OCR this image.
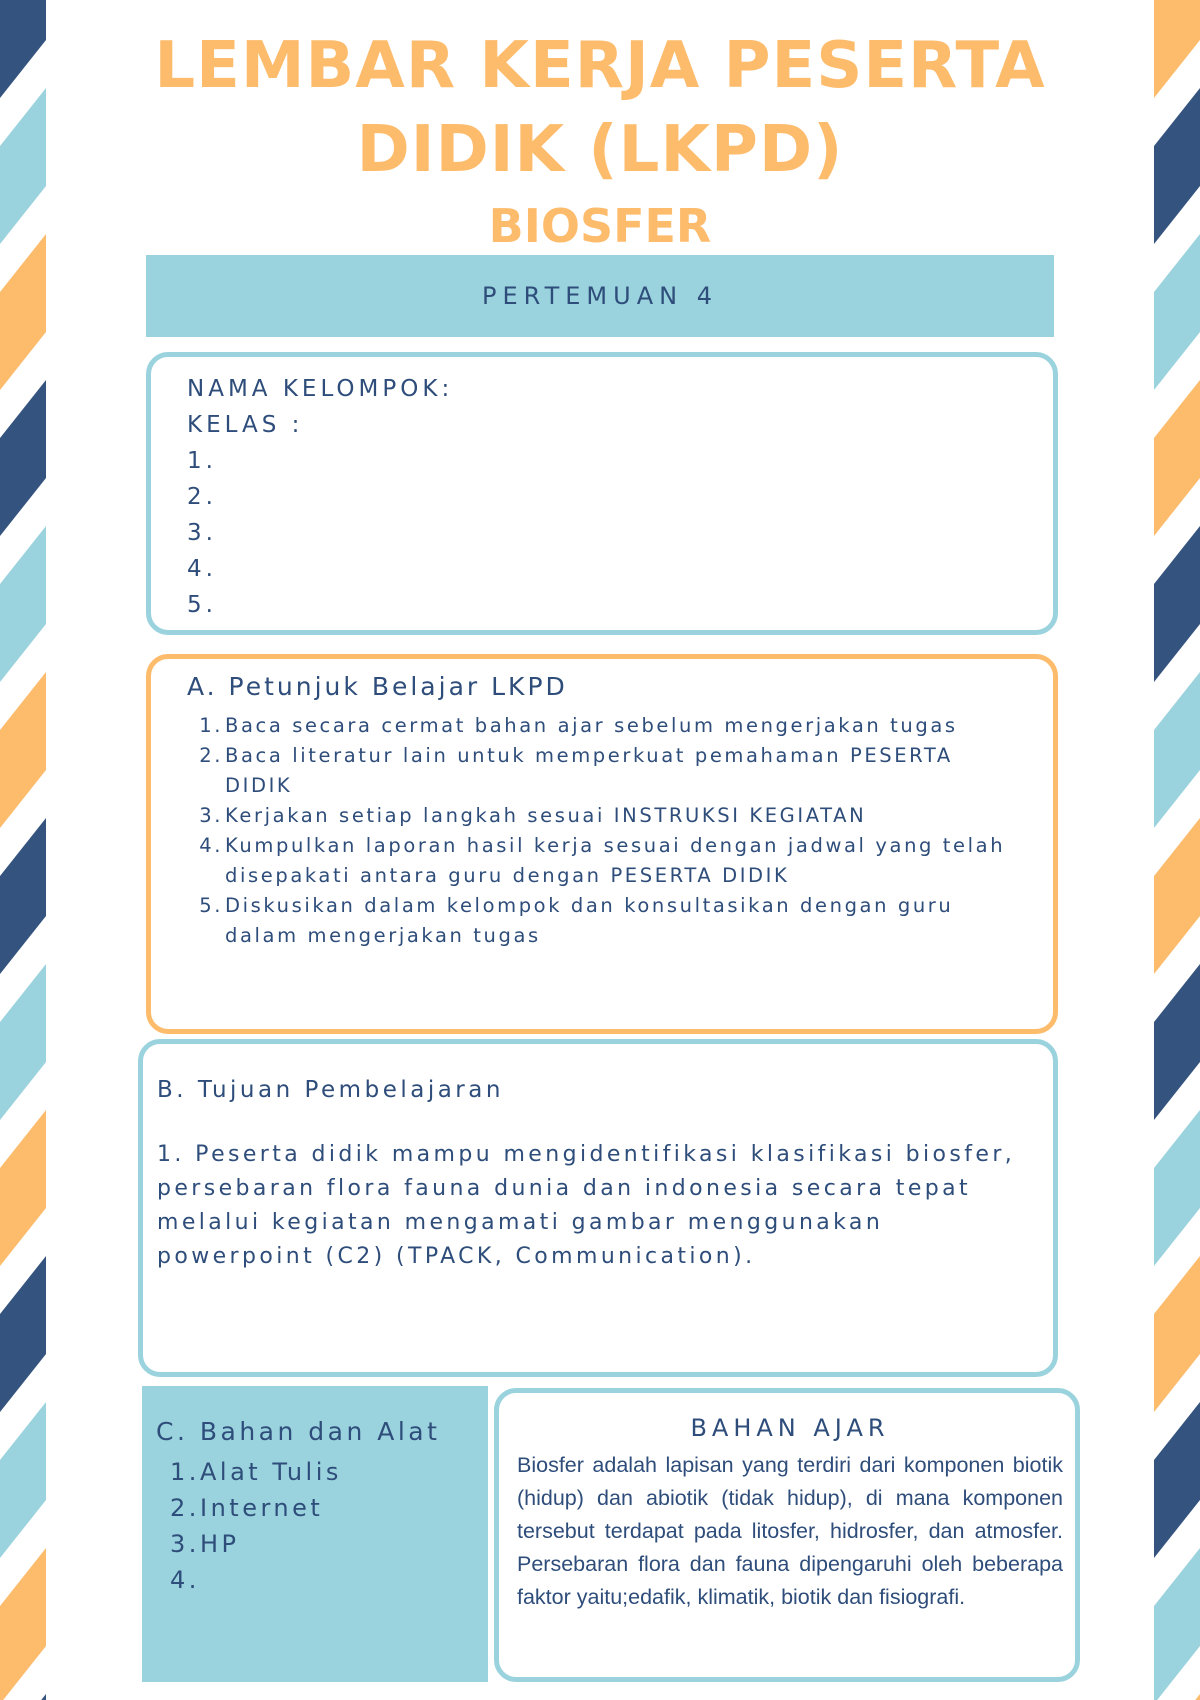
LEMBAR KERJA PESERTA
DIDIK (LKPD)
BIOSFER
PERTEMUAN 4
NAMA KELOMPOK:
KELAS :
1.
2.
3.
4.
5.
A. Petunjuk Belajar LKPD
1. Baca secara cermat bahan ajar sebelum mengerjakan tugas
2. Baca literatur lain untuk memperkuat pemahaman PESERTA DIDIK
3. Kerjakan setiap langkah sesuai INSTRUKSI KEGIATAN
4. Kumpulkan laporan hasil kerja sesuai dengan jadwal yang telah disepakati antara guru dengan PESERTA DIDIK
5. Diskusikan dalam kelompok dan konsultasikan dengan guru dalam mengerjakan tugas
B. Tujuan Pembelajaran

1. Peserta didik mampu mengidentifikasi klasifikasi biosfer, persebaran flora fauna dunia dan indonesia secara tepat melalui kegiatan mengamati gambar menggunakan powerpoint (C2) (TPACK, Communication).

C. Bahan dan Alat
1. Alat Tulis
2. Internet
3. HP
4.
BAHAN AJAR

Biosfer adalah lapisan yang terdiri dari komponen biotik (hidup) dan abiotik (tidak hidup), di mana komponen tersebut terdapat pada litosfer, hidrosfer, dan atmosfer. Persebaran flora dan fauna dipengaruhi oleh beberapa faktor yaitu;edafik, klimatik, biotik dan fisiografi.
